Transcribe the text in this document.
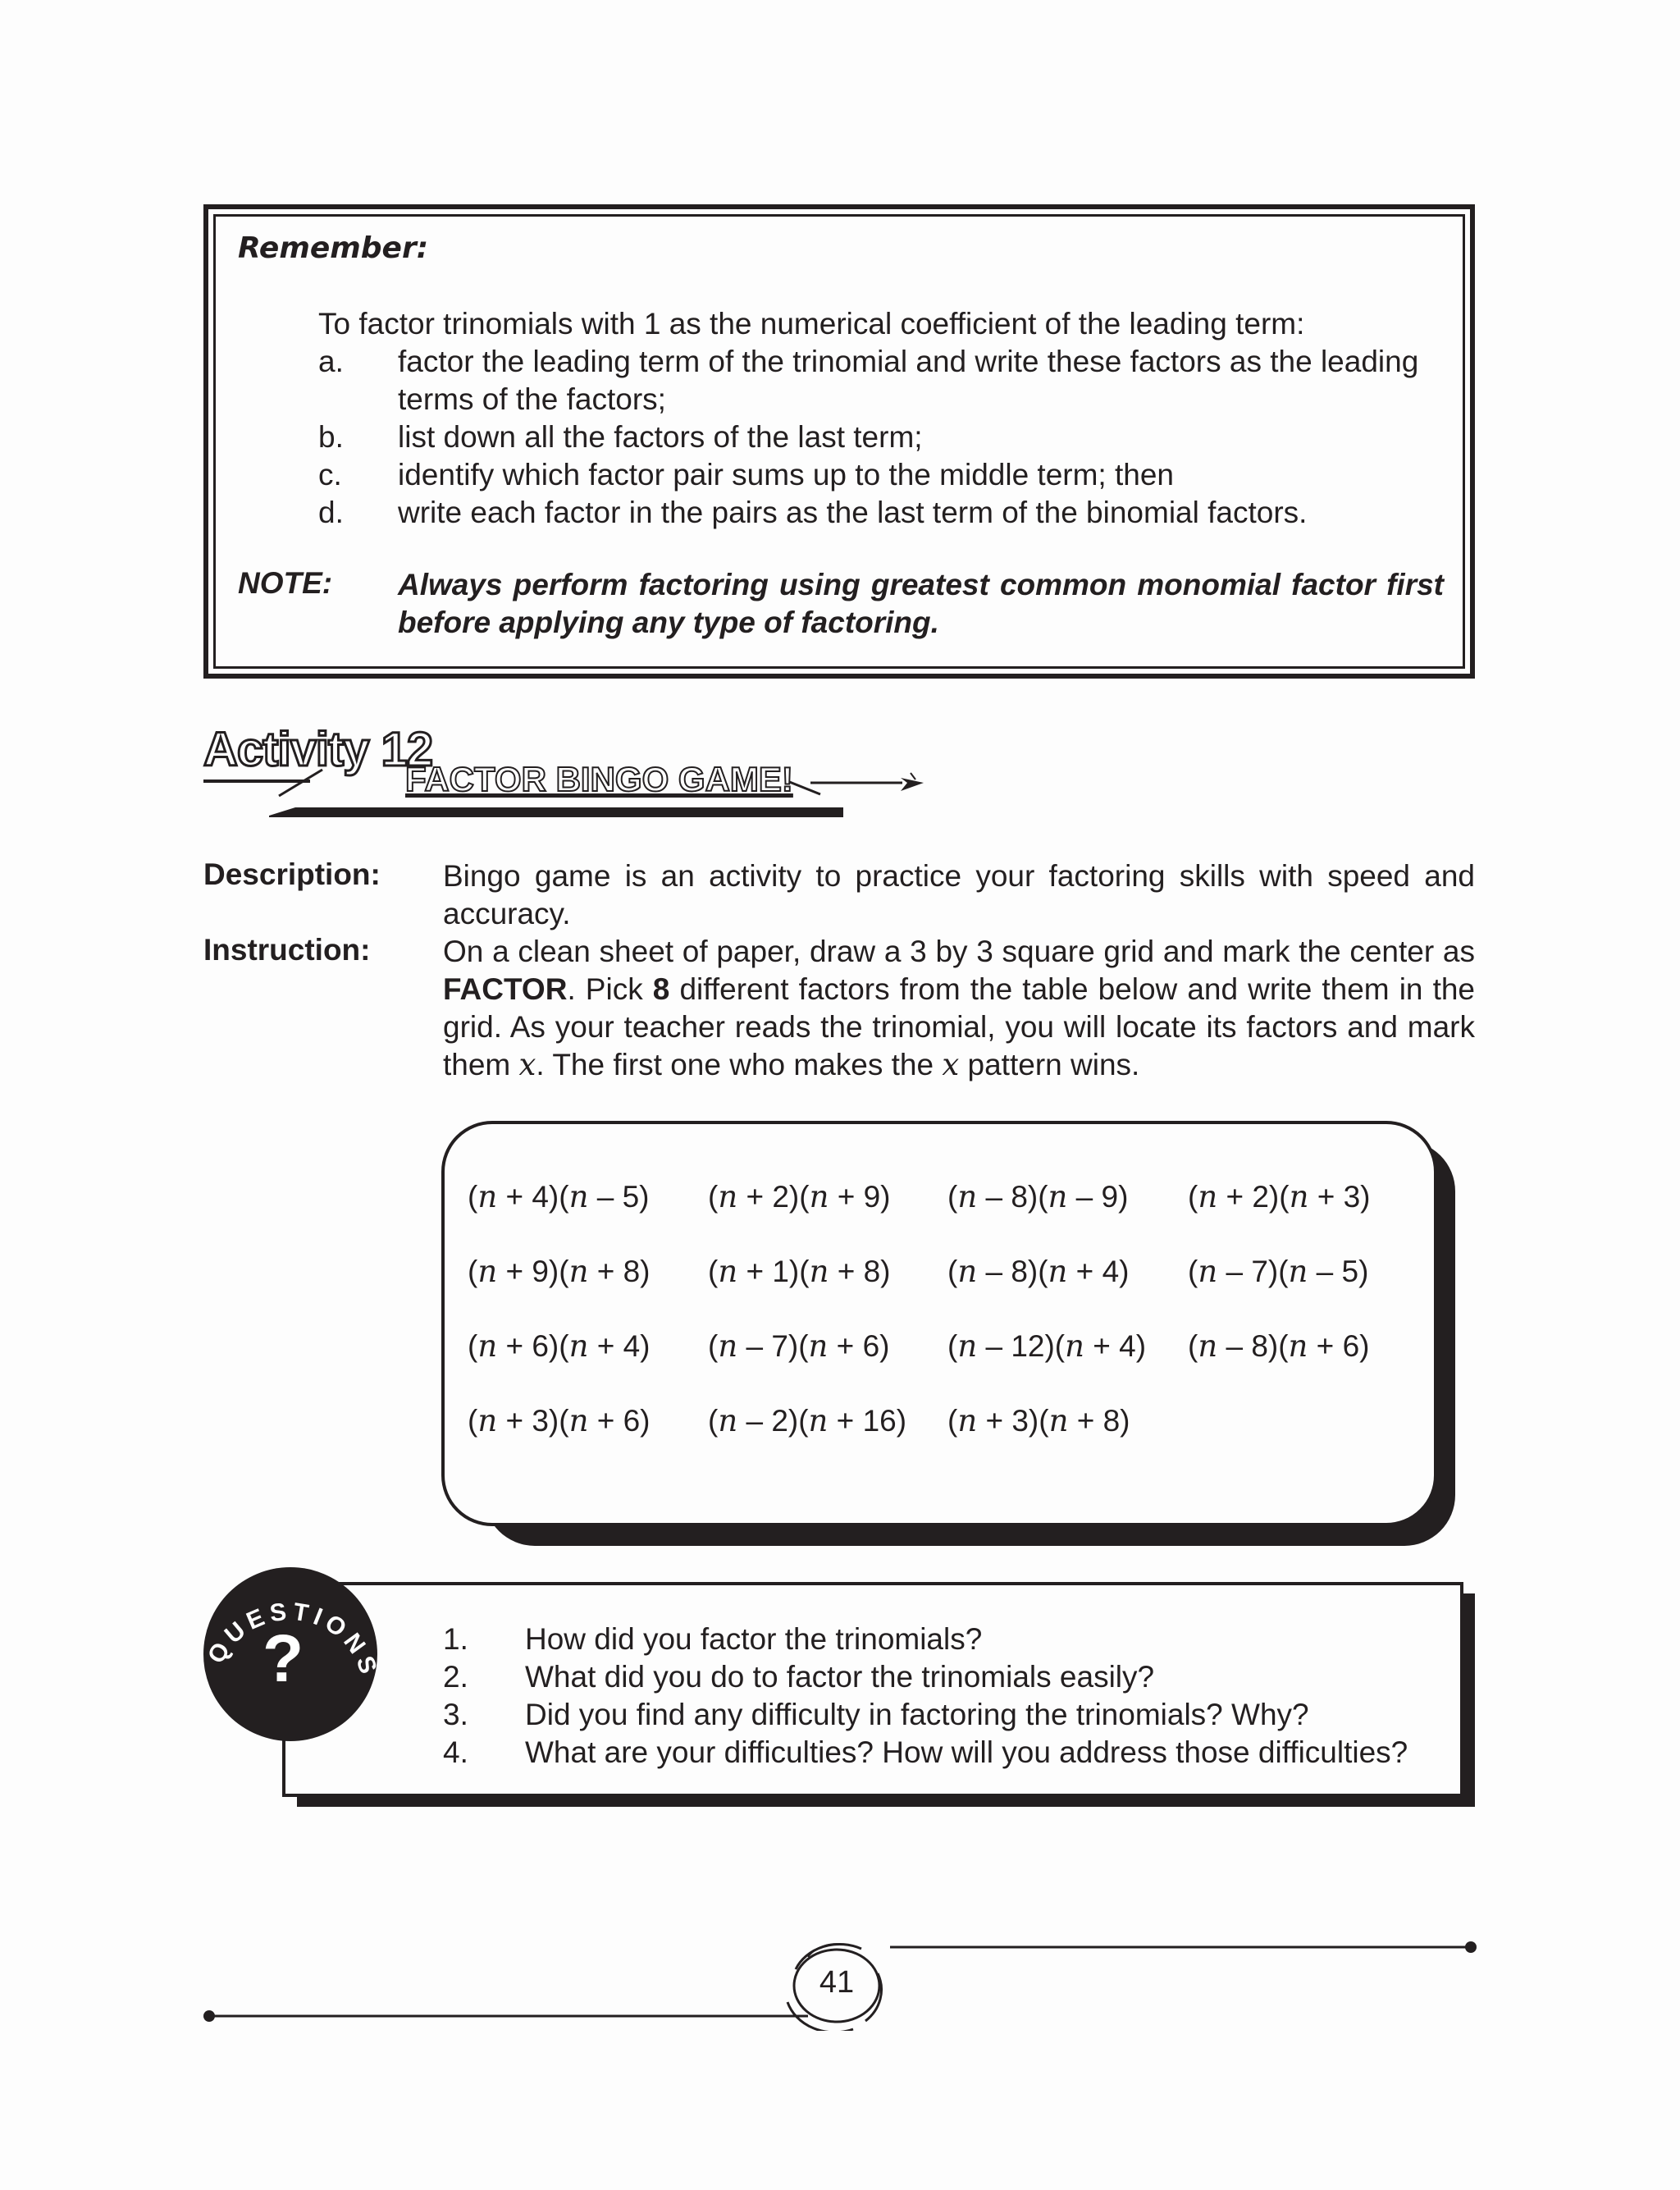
Remember:
To factor trinomials with 1 as the numerical coefficient of the leading term:
a. factor the leading term of the trinomial and write these factors as the leading terms of the factors;
b. list down all the factors of the last term;
c. identify which factor pair sums up to the middle term; then
d. write each factor in the pairs as the last term of the binomial factors.
NOTE: Always perform factoring using greatest common monomial factor first before applying any type of factoring.
Activity 12
FACTOR BINGO GAME!
Description: Bingo game is an activity to practice your factoring skills with speed and accuracy.
Instruction: On a clean sheet of paper, draw a 3 by 3 square grid and mark the center as FACTOR. Pick 8 different factors from the table below and write them in the grid. As your teacher reads the trinomial, you will locate its factors and mark them x. The first one who makes the x pattern wins.
(n + 4)(n – 5) (n + 2)(n + 9) (n – 8)(n – 9) (n + 2)(n + 3)
(n + 9)(n + 8) (n + 1)(n + 8) (n – 8)(n + 4) (n – 7)(n – 5)
(n + 6)(n + 4) (n – 7)(n + 6) (n – 12)(n + 4) (n – 8)(n + 6)
(n + 3)(n + 6) (n – 2)(n + 16) (n + 3)(n + 8)
QUESTIONS
?	1. How did you factor the trinomials?
2. What did you do to factor the trinomials easily?
3. Did you find any difficulty in factoring the trinomials? Why?
4. What are your difficulties? How will you address those difficulties?
41
